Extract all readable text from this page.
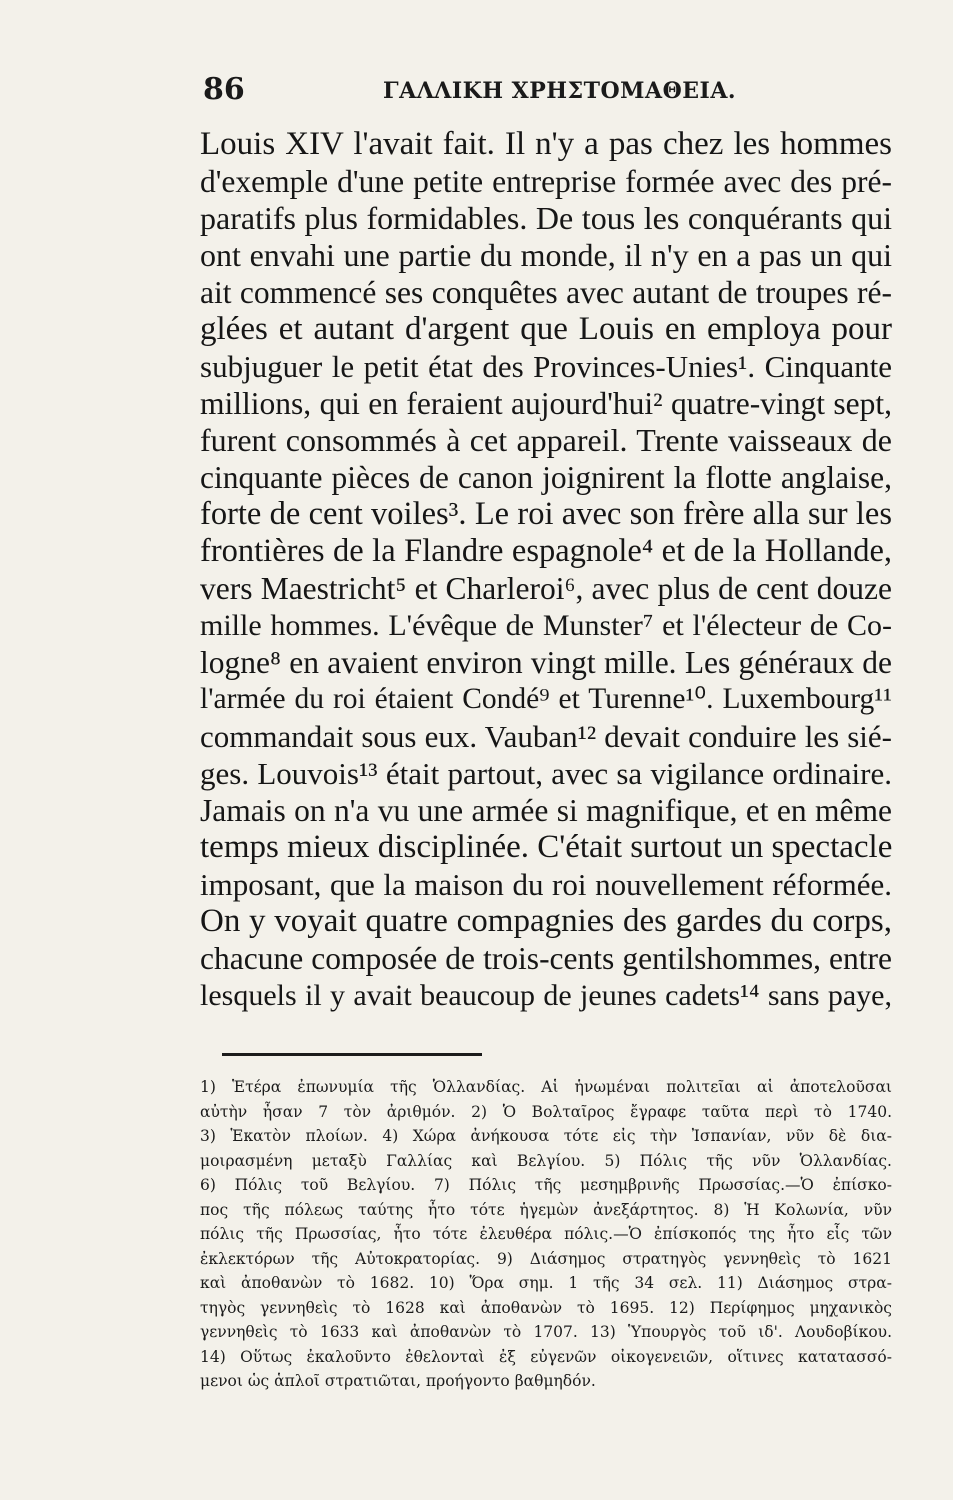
86	ΓΑΛΛΙΚΗ ΧΡΗΣΤΟΜΑΘΕΙΑ.
Louis XIV l'avait fait. Il n'y a pas chez les hommes
d'exemple d'une petite entreprise formée avec des pré-
paratifs plus formidables. De tous les conquérants qui
ont envahi une partie du monde, il n'y en a pas un qui
ait commencé ses conquêtes avec autant de troupes ré-
glées et autant d'argent que Louis en employa pour
subjuguer le petit état des Provinces-Unies¹. Cinquante
millions, qui en feraient aujourd'hui² quatre-vingt sept,
furent consommés à cet appareil. Trente vaisseaux de
cinquante pièces de canon joignirent la flotte anglaise,
forte de cent voiles³. Le roi avec son frère alla sur les
frontières de la Flandre espagnole⁴ et de la Hollande,
vers Maestricht⁵ et Charleroi⁶, avec plus de cent douze
mille hommes. L'évêque de Munster⁷ et l'électeur de Co-
logne⁸ en avaient environ vingt mille. Les généraux de
l'armée du roi étaient Condé⁹ et Turenne¹⁰. Luxembourg¹¹
commandait sous eux. Vauban¹² devait conduire les sié-
ges. Louvois¹³ était partout, avec sa vigilance ordinaire.
Jamais on n'a vu une armée si magnifique, et en même
temps mieux disciplinée. C'était surtout un spectacle
imposant, que la maison du roi nouvellement réformée.
On y voyait quatre compagnies des gardes du corps,
chacune composée de trois-cents gentilshommes, entre
lesquels il y avait beaucoup de jeunes cadets¹⁴ sans paye,
1) Ἑτέρα ἐπωνυμία τῆς Ὁλλανδίας. Αἱ ἡνωμέναι πολιτεῖαι αἱ ἀποτελοῦσαι
αὐτὴν ἦσαν 7 τὸν ἀριθμόν. 2) Ὁ Βολταῖρος ἔγραφε ταῦτα περὶ τὸ 1740.
3) Ἑκατὸν πλοίων. 4) Χώρα ἀνήκουσα τότε εἰς τὴν Ἰσπανίαν, νῦν δὲ δια-
μοιρασμένη μεταξὺ Γαλλίας καὶ Βελγίου. 5) Πόλις τῆς νῦν Ὁλλανδίας.
6) Πόλις τοῦ Βελγίου. 7) Πόλις τῆς μεσημβρινῆς Πρωσσίας.—Ὁ ἐπίσκο-
πος τῆς πόλεως ταύτης ἦτο τότε ἡγεμὼν ἀνεξάρτητος. 8) Ἡ Κολωνία, νῦν
πόλις τῆς Πρωσσίας, ἦτο τότε ἐλευθέρα πόλις.—Ὁ ἐπίσκοπός της ἦτο εἷς τῶν
ἐκλεκτόρων τῆς Αὐτοκρατορίας. 9) Διάσημος στρατηγὸς γεννηθεὶς τὸ 1621
καὶ ἀποθανὼν τὸ 1682. 10) Ὅρα σημ. 1 τῆς 34 σελ. 11) Διάσημος στρα-
τηγὸς γεννηθεὶς τὸ 1628 καὶ ἀποθανὼν τὸ 1695. 12) Περίφημος μηχανικὸς
γεννηθεὶς τὸ 1633 καὶ ἀποθανὼν τὸ 1707. 13) Ὑπουργὸς τοῦ ιδ'. Λουδοβίκου.
14) Οὕτως ἐκαλοῦντο ἐθελονταὶ ἐξ εὐγενῶν οἰκογενειῶν, οἵτινες κατατασσό-
μενοι ὡς ἁπλοῖ στρατιῶται, προήγοντο βαθμηδόν.
